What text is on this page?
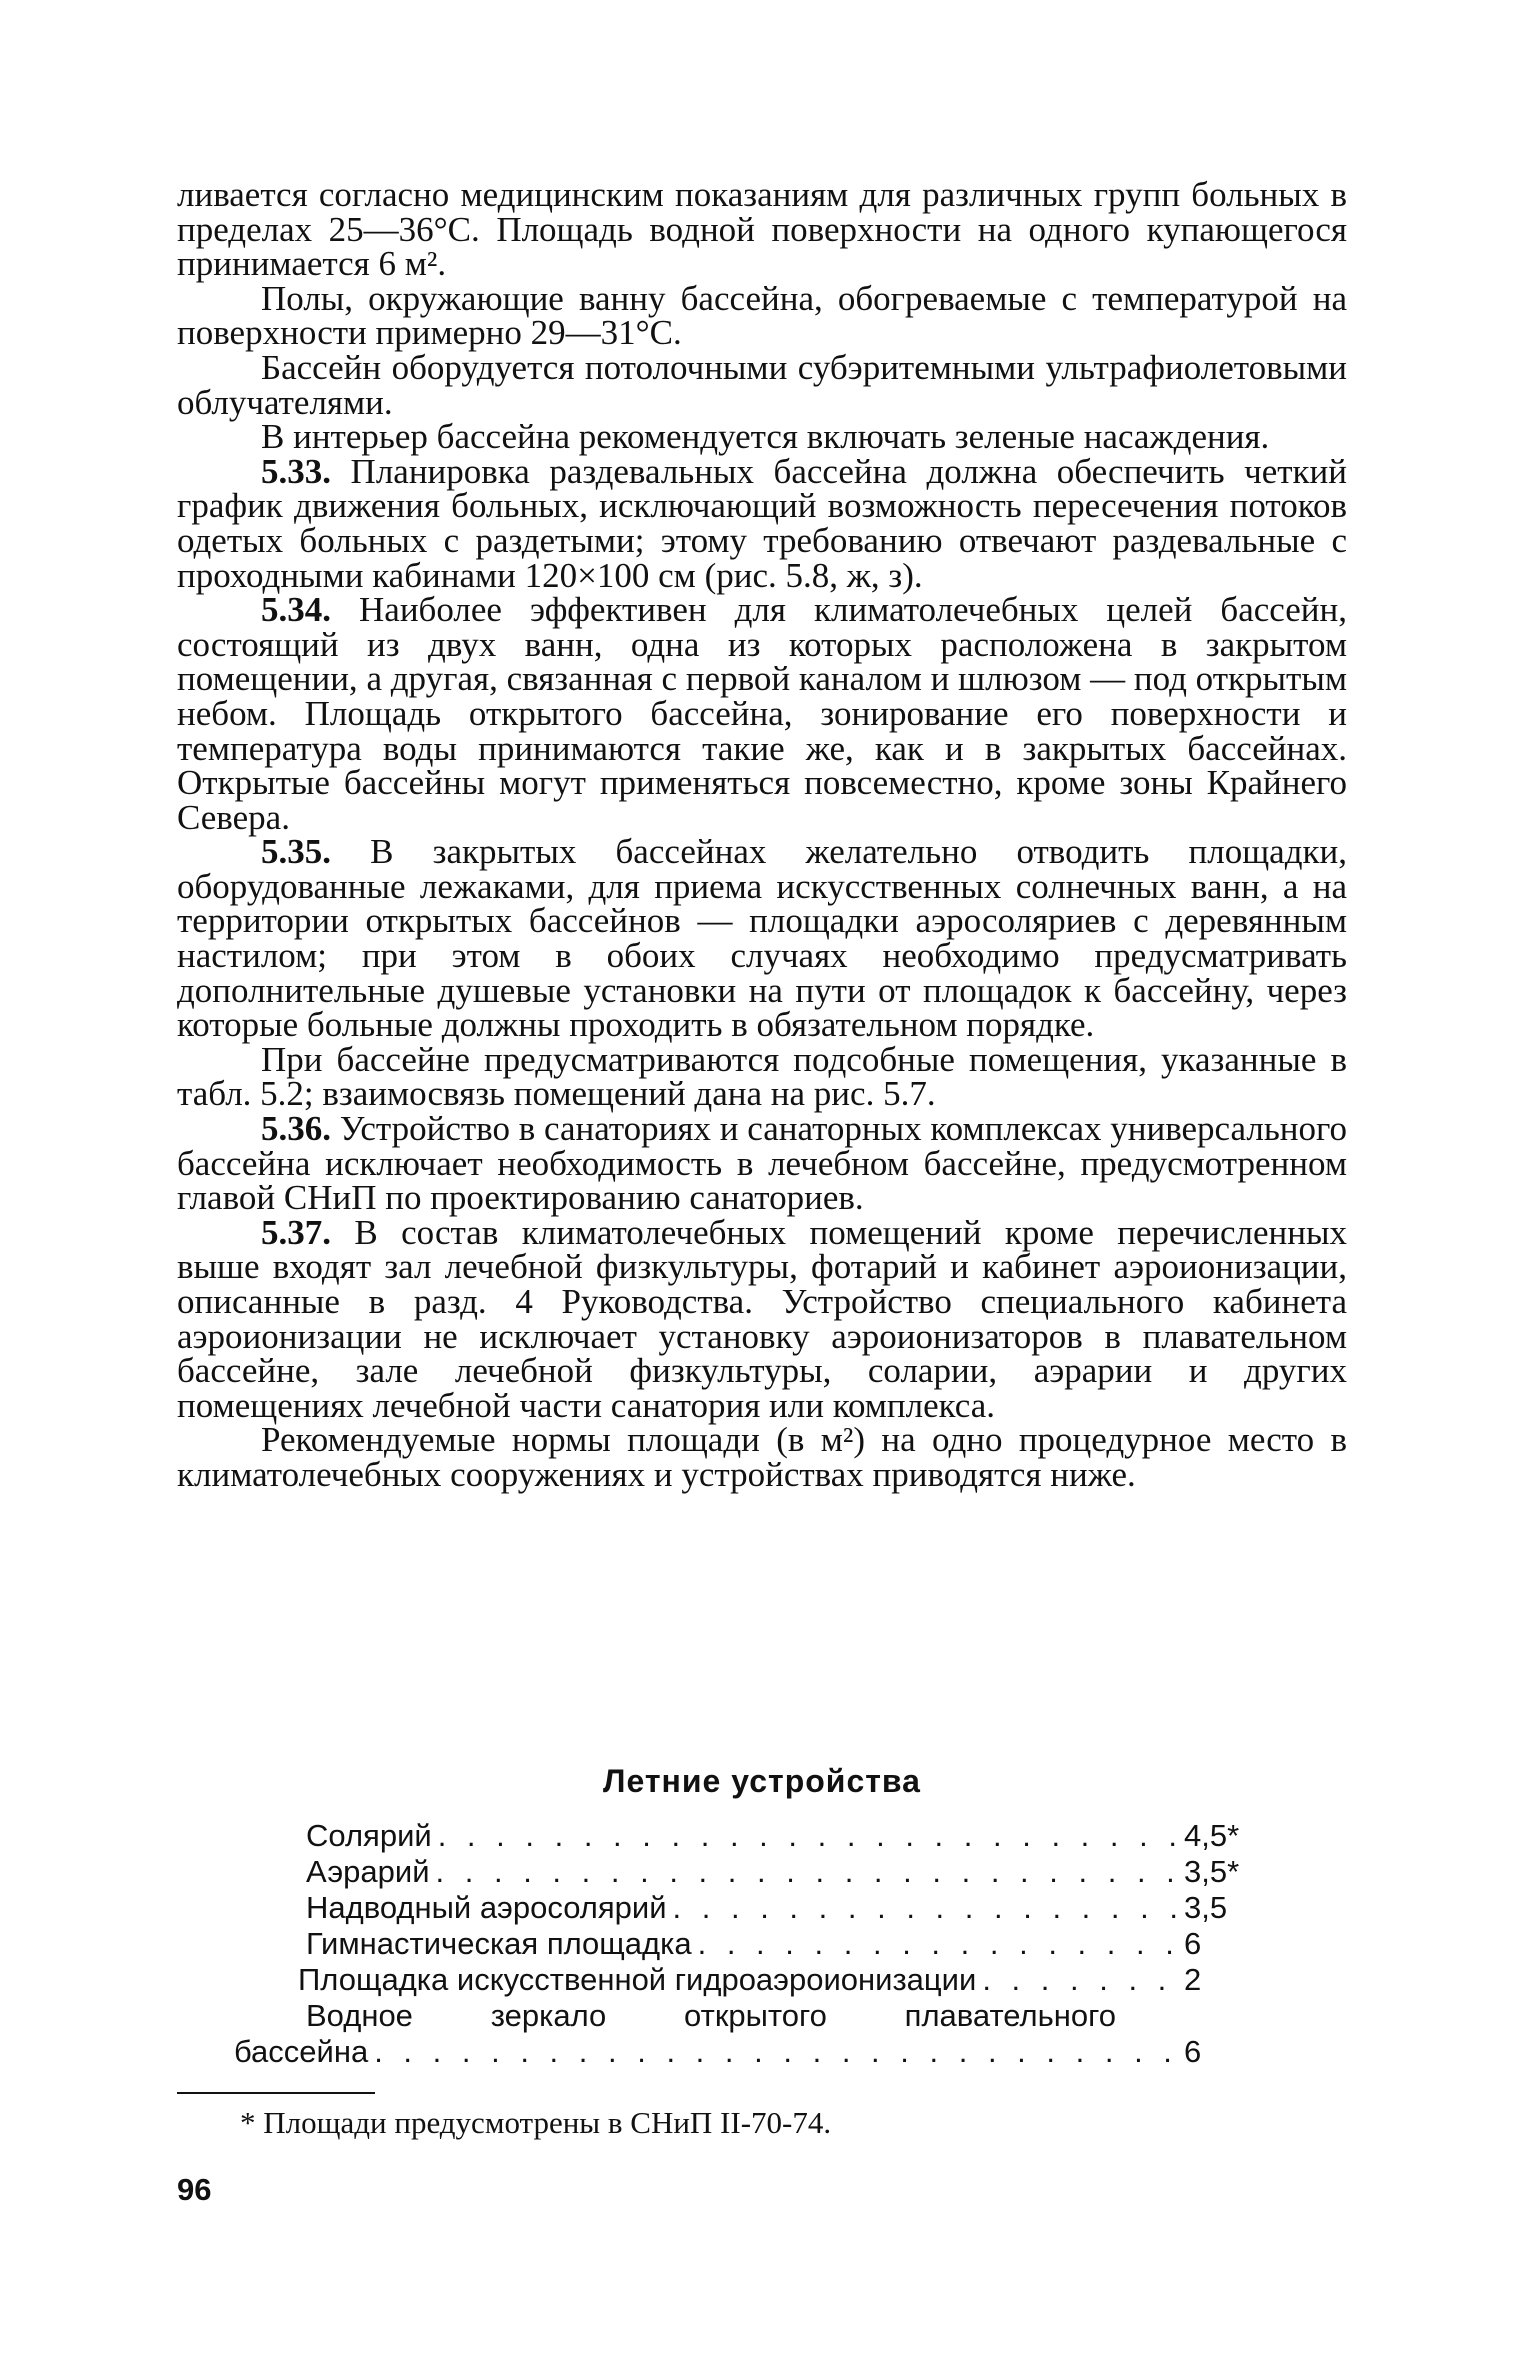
ливается согласно медицинским показаниям для различных групп больных в пределах 25—36°С. Площадь водной поверхности на одного купающегося принимается 6 м².

Полы, окружающие ванну бассейна, обогреваемые с температурой на поверхности примерно 29—31°С.

Бассейн оборудуется потолочными субэритемными ультрафиолетовыми облучателями.

В интерьер бассейна рекомендуется включать зеленые насаждения.

5.33. Планировка раздевальных бассейна должна обеспечить четкий график движения больных, исключающий возможность пересечения потоков одетых больных с раздетыми; этому требованию отвечают раздевальные с проходными кабинами 120×100 см (рис. 5.8, ж, з).

5.34. Наиболее эффективен для климатолечебных целей бассейн, состоящий из двух ванн, одна из которых расположена в закрытом помещении, а другая, связанная с первой каналом и шлюзом — под открытым небом. Площадь открытого бассейна, зонирование его поверхности и температура воды принимаются такие же, как и в закрытых бассейнах. Открытые бассейны могут применяться повсеместно, кроме зоны Крайнего Севера.

5.35. В закрытых бассейнах желательно отводить площадки, оборудованные лежаками, для приема искусственных солнечных ванн, а на территории открытых бассейнов — площадки аэросоляриев с деревянным настилом; при этом в обоих случаях необходимо предусматривать дополнительные душевые установки на пути от площадок к бассейну, через которые больные должны проходить в обязательном порядке.

При бассейне предусматриваются подсобные помещения, указанные в табл. 5.2; взаимосвязь помещений дана на рис. 5.7.

5.36. Устройство в санаториях и санаторных комплексах универсального бассейна исключает необходимость в лечебном бассейне, предусмотренном главой СНиП по проектированию санаториев.

5.37. В состав климатолечебных помещений кроме перечисленных выше входят зал лечебной физкультуры, фотарий и кабинет аэроионизации, описанные в разд. 4 Руководства. Устройство специального кабинета аэроионизации не исключает установку аэроионизаторов в плавательном бассейне, зале лечебной физкультуры, соларии, аэрарии и других помещениях лечебной части санатория или комплекса.

Рекомендуемые нормы площади (в м²) на одно процедурное место в климатолечебных сооружениях и устройствах приводятся ниже.

Летние устройства
Солярий . . .	4,5*
Аэрарий . . .	3,5*
Надводный аэросолярий . . .	3,5
Гимнастическая площадка . . .	6
Площадка искусственной гидроаэроионизации . . .	2
Водное зеркало открытого плавательного
бассейна . . .	6
* Площади предусмотрены в СНиП II-70-74.
96
